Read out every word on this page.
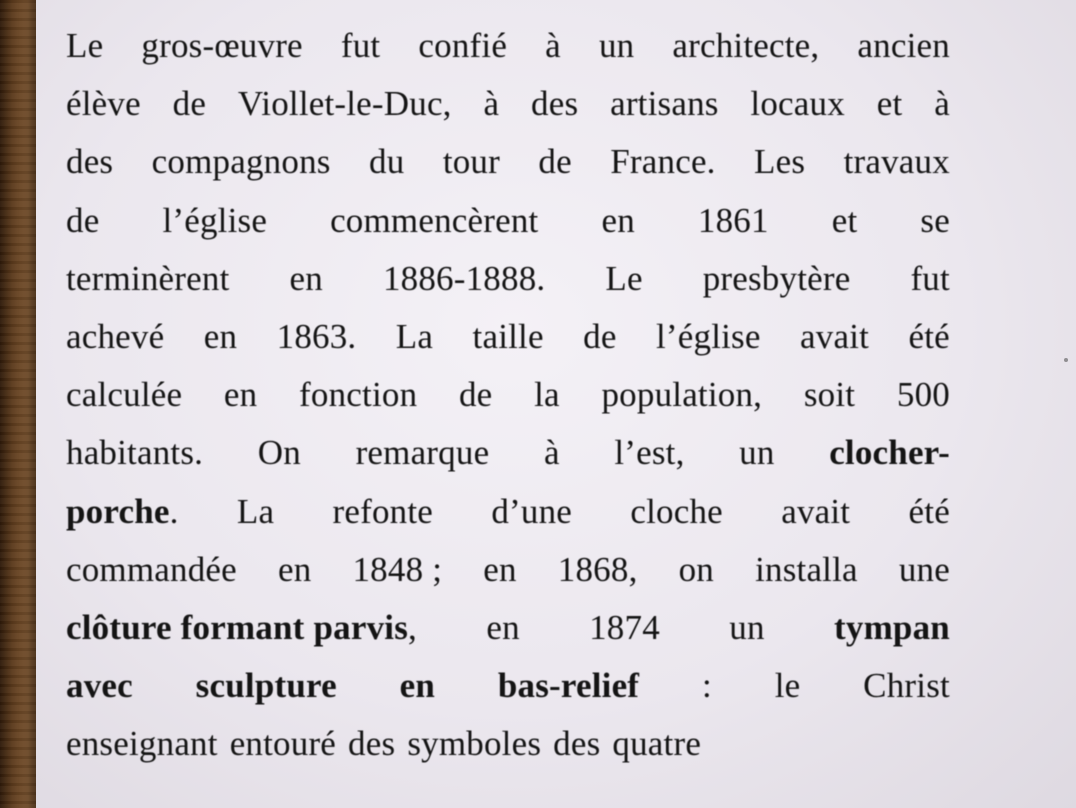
Le gros-œuvre fut confié à un architecte, ancien
élève de Viollet-le-Duc, à des artisans locaux et à
des compagnons du tour de France. Les travaux
de l’église commencèrent en 1861 et se
terminèrent en 1886-1888. Le presbytère fut
achevé en 1863. La taille de l’église avait été
calculée en fonction de la population, soit 500
habitants. On remarque à l’est, un clocher-
porche. La refonte d’une cloche avait été
commandée en 1848 ; en 1868, on installa une
clôture formant parvis, en 1874 un tympan
avec sculpture en bas-relief : le Christ
enseignant entouré des symboles des quatre
